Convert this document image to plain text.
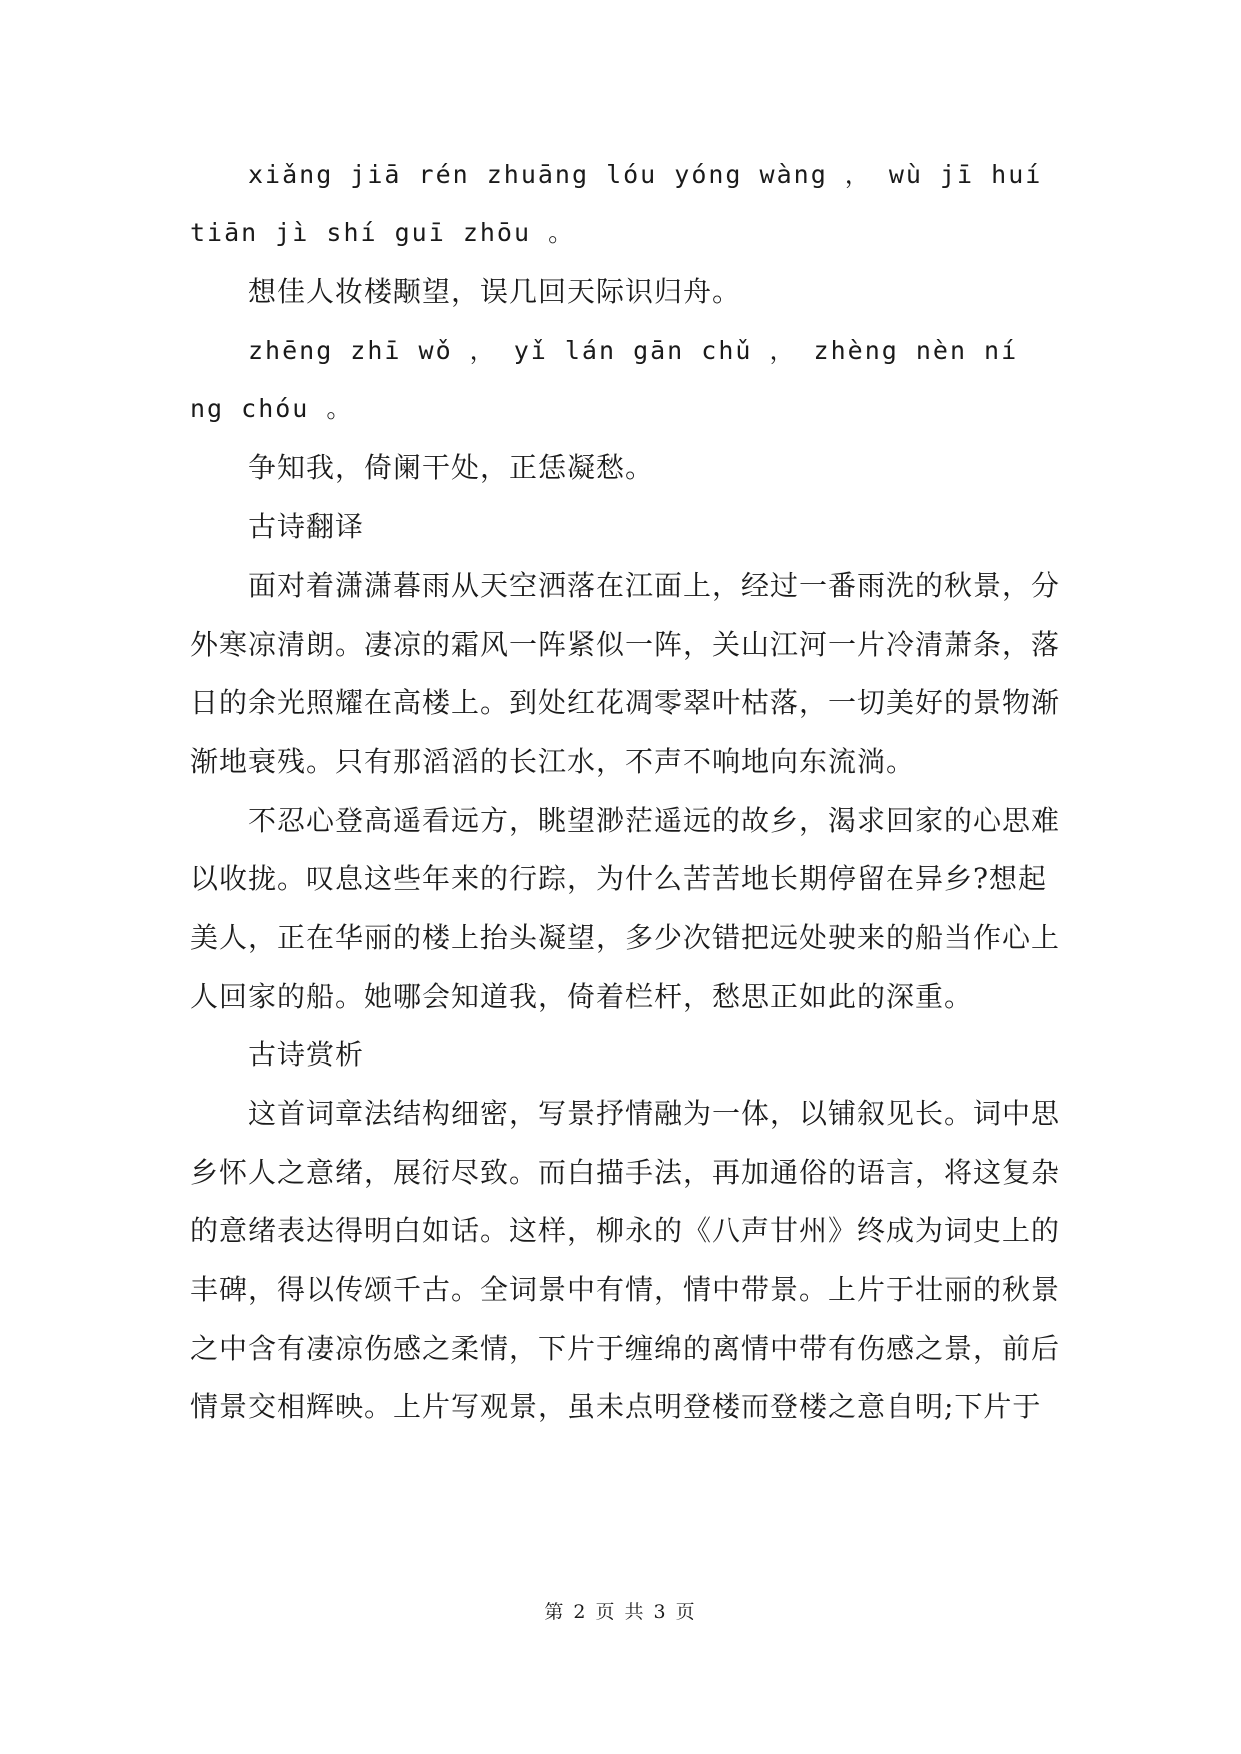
xiǎng jiā rén zhuāng lóu yóng wàng ， wù jī huí
tiān jì shí guī zhōu 。
想佳人妆楼颙望，误几回天际识归舟。
zhēng zhī wǒ ， yǐ lán gān chǔ ， zhèng nèn ní
ng chóu 。
争知我，倚阑干处，正恁凝愁。
古诗翻译
面对着潇潇暮雨从天空洒落在江面上，经过一番雨洗的秋景，分
外寒凉清朗。凄凉的霜风一阵紧似一阵，关山江河一片冷清萧条，落
日的余光照耀在高楼上。到处红花凋零翠叶枯落，一切美好的景物渐
渐地衰残。只有那滔滔的长江水，不声不响地向东流淌。
不忍心登高遥看远方，眺望渺茫遥远的故乡，渴求回家的心思难
以收拢。叹息这些年来的行踪，为什么苦苦地长期停留在异乡?想起
美人，正在华丽的楼上抬头凝望，多少次错把远处驶来的船当作心上
人回家的船。她哪会知道我，倚着栏杆，愁思正如此的深重。
古诗赏析
这首词章法结构细密，写景抒情融为一体，以铺叙见长。词中思
乡怀人之意绪，展衍尽致。而白描手法，再加通俗的语言，将这复杂
的意绪表达得明白如话。这样，柳永的《八声甘州》终成为词史上的
丰碑，得以传颂千古。全词景中有情，情中带景。上片于壮丽的秋景
之中含有凄凉伤感之柔情，下片于缠绵的离情中带有伤感之景，前后
情景交相辉映。上片写观景，虽未点明登楼而登楼之意自明;下片于
第 2 页 共 3 页
